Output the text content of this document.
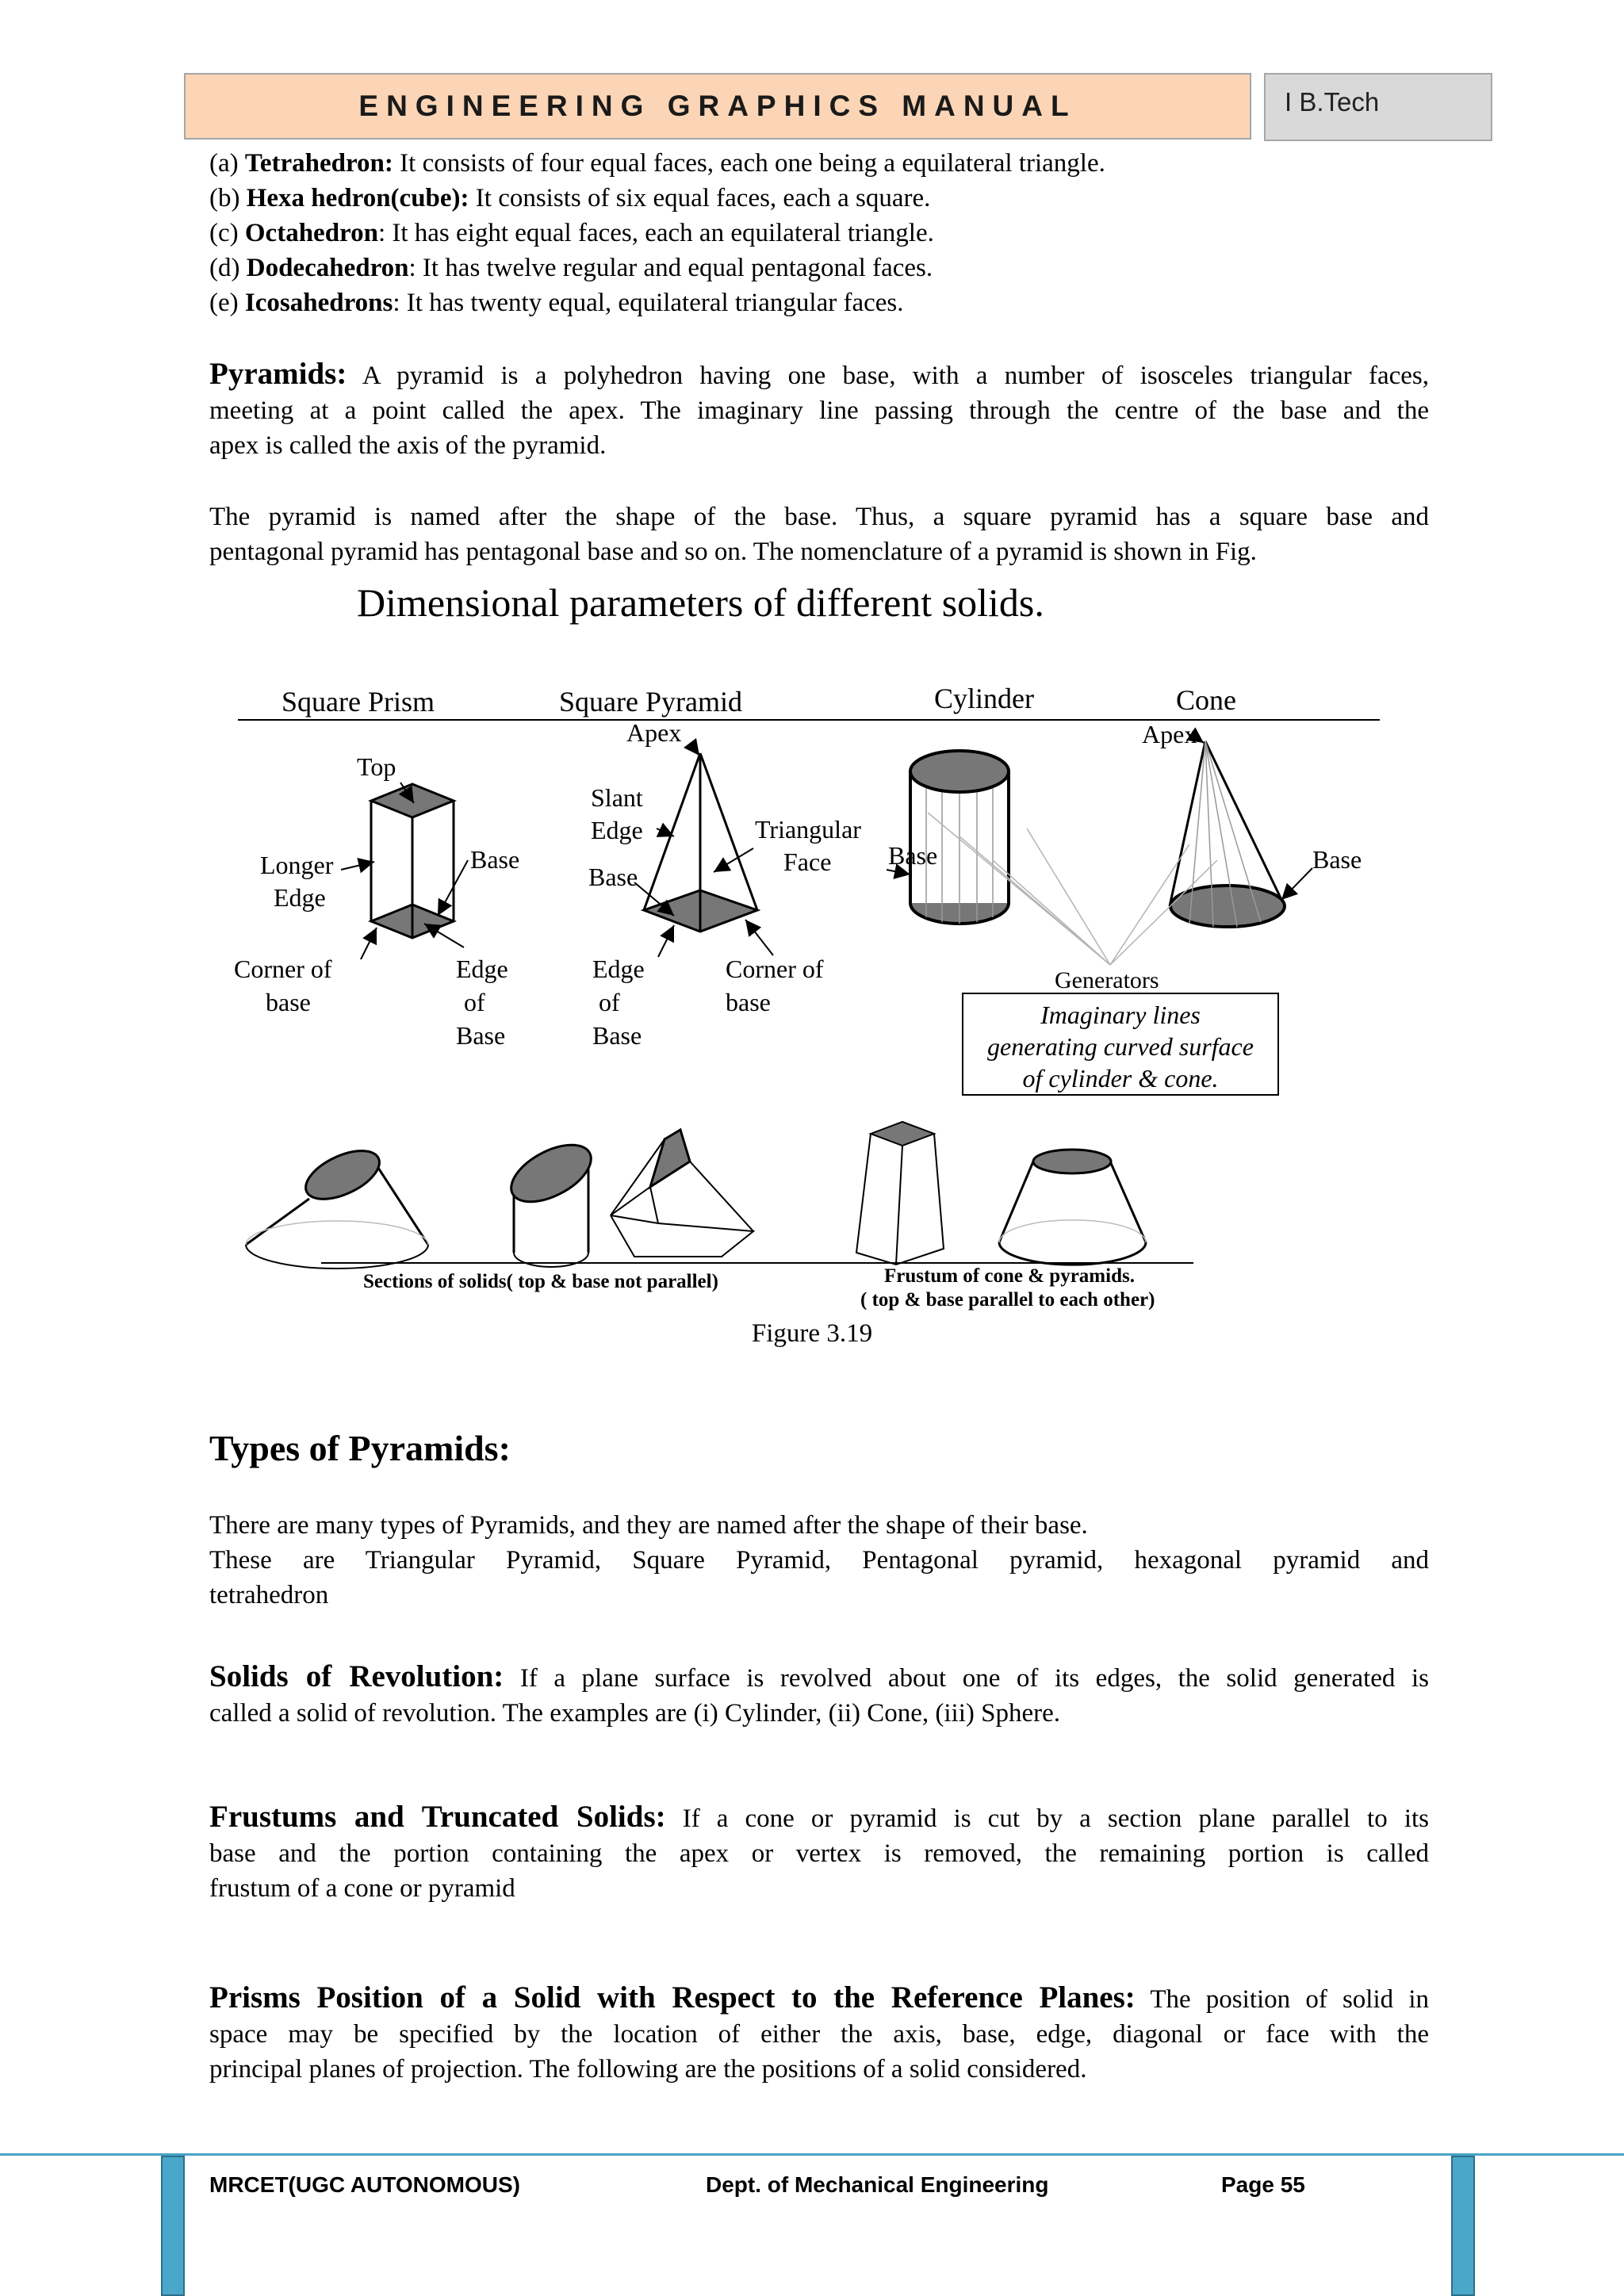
ENGINEERING GRAPHICS MANUAL	I B.Tech
(a) Tetrahedron: It consists of four equal faces, each one being a equilateral triangle.
(b) Hexa hedron(cube): It consists of six equal faces, each a square.
(c) Octahedron: It has eight equal faces, each an equilateral triangle.
(d) Dodecahedron: It has twelve regular and equal pentagonal faces.
(e) Icosahedrons: It has twenty equal, equilateral triangular faces.
Pyramids: A pyramid is a polyhedron having one base, with a number of isosceles triangular faces,
meeting at a point called the apex. The imaginary line passing through the centre of the base and the
apex is called the axis of the pyramid.
The pyramid is named after the shape of the base. Thus, a square pyramid has a square base and
pentagonal pyramid has pentagonal base and so on. The nomenclature of a pyramid is shown in Fig.
Dimensional parameters of different solids.
Square Prism	Square Pyramid	Cylinder	Cone
Top
Longer
Edge
Base
Corner of
base
Edge
of
Base
Apex
Slant
Edge	Triangular
Face
Base
Edge
of
Base
Corner of
base
Base
Apex
Base
Generators
Imaginary lines
generating curved surface
of cylinder & cone.
Sections of solids( top & base not parallel)	Frustum of cone & pyramids.
( top & base parallel to each other)
Figure 3.19
Types of Pyramids:
There are many types of Pyramids, and they are named after the shape of their base.
These are Triangular Pyramid, Square Pyramid, Pentagonal pyramid, hexagonal pyramid and
tetrahedron
Solids of Revolution: If a plane surface is revolved about one of its edges, the solid generated is
called a solid of revolution. The examples are (i) Cylinder, (ii) Cone, (iii) Sphere.
Frustums and Truncated Solids: If a cone or pyramid is cut by a section plane parallel to its
base and the portion containing the apex or vertex is removed, the remaining portion is called
frustum of a cone or pyramid
Prisms Position of a Solid with Respect to the Reference Planes: The position of solid in
space may be specified by the location of either the axis, base, edge, diagonal or face with the
principal planes of projection. The following are the positions of a solid considered.
MRCET(UGC AUTONOMOUS)	Dept. of Mechanical Engineering	Page 55
